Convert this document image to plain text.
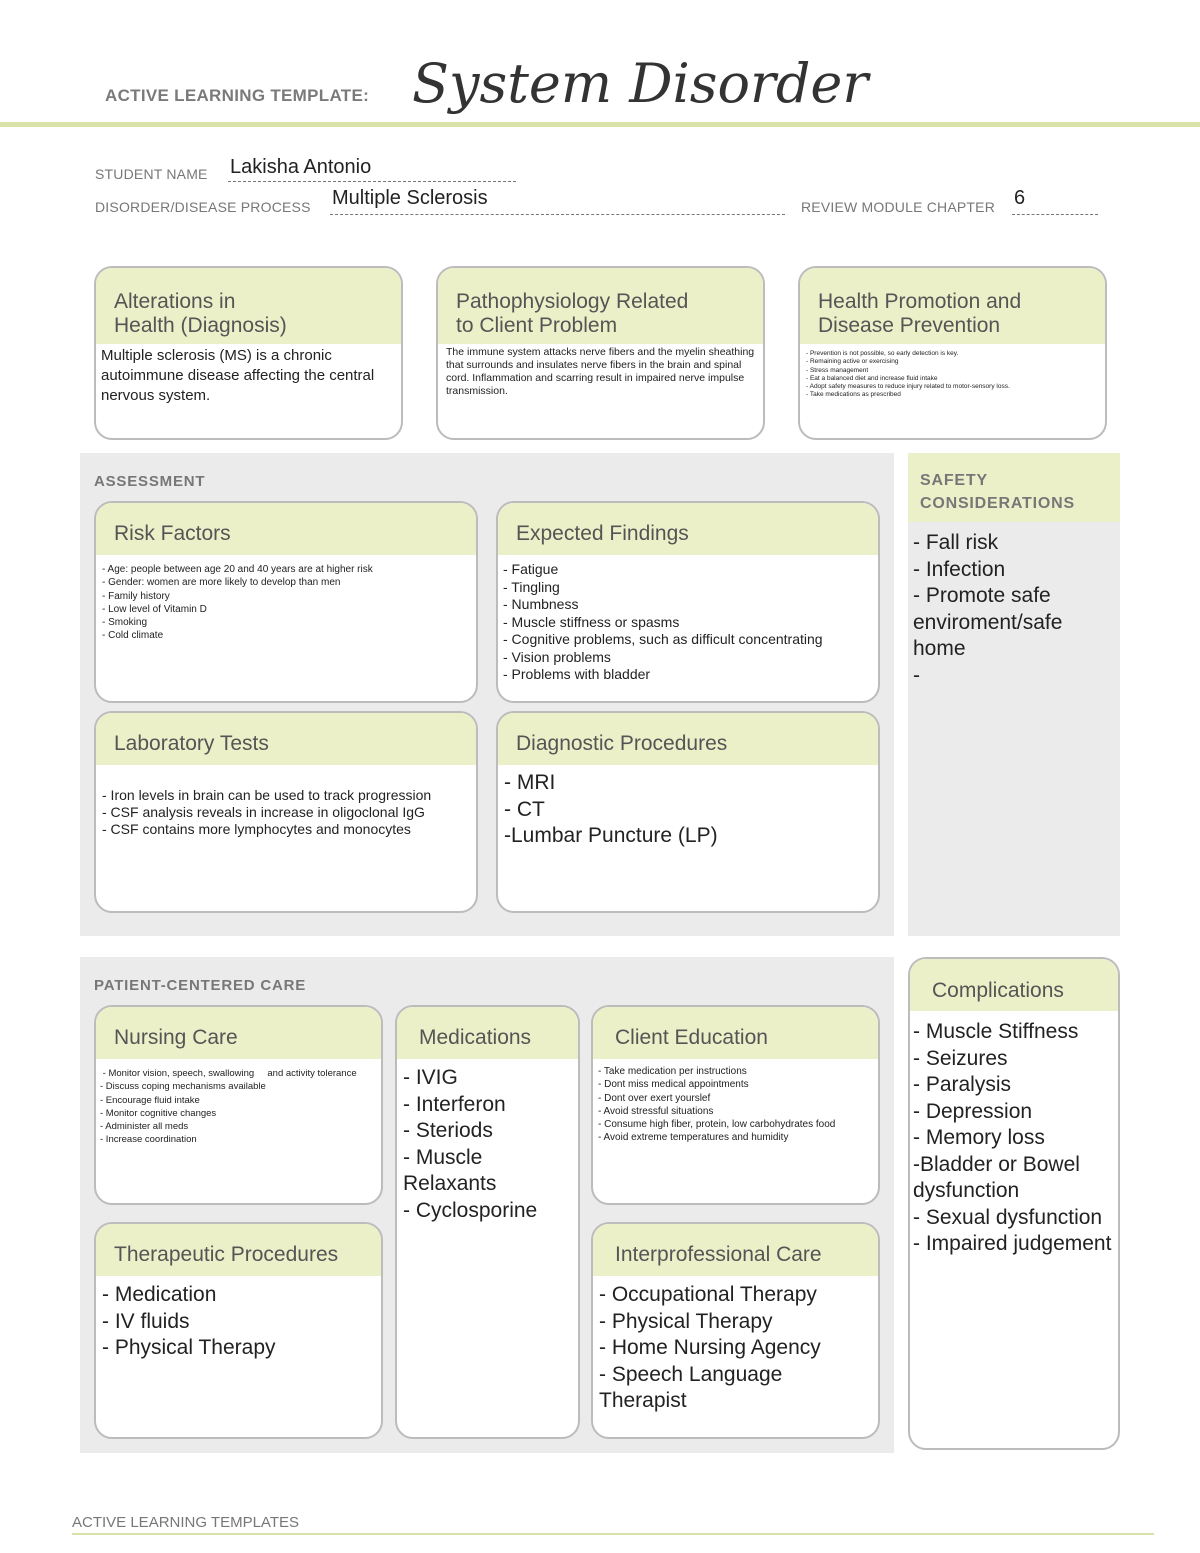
ACTIVE LEARNING TEMPLATE: System Disorder
STUDENT NAME Lakisha Antonio
DISORDER/DISEASE PROCESS Multiple Sclerosis	REVIEW MODULE CHAPTER 6
Alterations in
Health (Diagnosis)
Multiple sclerosis (MS) is a chronic autoimmune disease affecting the central nervous system.
Pathophysiology Related
to Client Problem
The immune system attacks nerve fibers and the myelin sheathing that surrounds and insulates nerve fibers in the brain and spinal cord. Inflammation and scarring result in impaired nerve impulse transmission.
Health Promotion and
Disease Prevention
- Prevention is not possible, so early detection is key.
- Remaining active or exercising
- Stress management
- Eat a balanced diet and increase fluid intake
- Adopt safety measures to reduce injury related to motor-sensory loss.
- Take medications as prescribed
ASSESSMENT
Risk Factors
- Age: people between age 20 and 40 years are at higher risk
- Gender: women are more likely to develop than men
- Family history
- Low level of Vitamin D
- Smoking
- Cold climate
Expected Findings
- Fatigue
- Tingling
- Numbness
- Muscle stiffness or spasms
- Cognitive problems, such as difficult concentrating
- Vision problems
- Problems with bladder
Laboratory Tests
- Iron levels in brain can be used to track progression
- CSF analysis reveals in increase in oligoclonal IgG
- CSF contains more lymphocytes and monocytes
Diagnostic Procedures
- MRI
- CT
-Lumbar Puncture (LP)
SAFETY
CONSIDERATIONS
- Fall risk
- Infection
- Promote safe enviroment/safe home
-
PATIENT-CENTERED CARE
Nursing Care
- Monitor vision, speech, swallowing     and activity tolerance
- Discuss coping mechanisms available
- Encourage fluid intake
- Monitor cognitive changes
- Administer all meds
- Increase coordination
Medications
- IVIG
- Interferon
- Steriods
- Muscle Relaxants
- Cyclosporine
Client Education
- Take medication per instructions
- Dont miss medical appointments
- Dont over exert yourslef
- Avoid stressful situations
- Consume high fiber, protein, low carbohydrates food
- Avoid extreme temperatures and humidity
Therapeutic Procedures
- Medication
- IV fluids
- Physical Therapy
Interprofessional Care
- Occupational Therapy
- Physical Therapy
- Home Nursing Agency
- Speech Language Therapist
Complications
- Muscle Stiffness
- Seizures
- Paralysis
- Depression
- Memory loss
-Bladder or Bowel dysfunction
- Sexual dysfunction
- Impaired judgement
ACTIVE LEARNING TEMPLATES
